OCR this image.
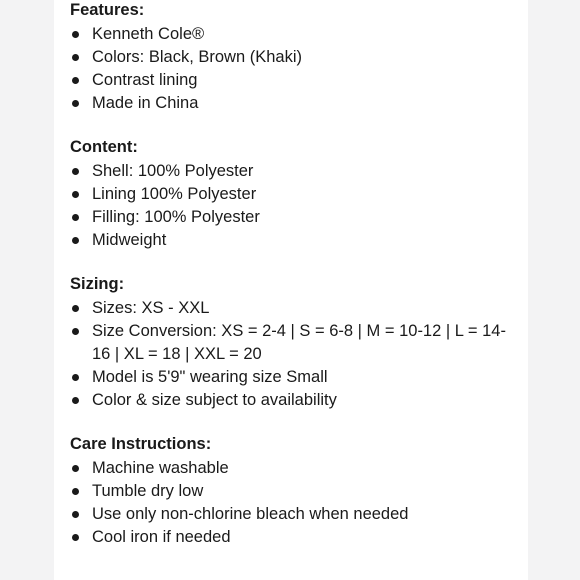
Features:
Kenneth Cole®
Colors: Black, Brown (Khaki)
Contrast lining
Made in China
Content:
Shell: 100% Polyester
Lining 100% Polyester
Filling: 100% Polyester
Midweight
Sizing:
Sizes: XS - XXL
Size Conversion: XS = 2-4 | S = 6-8 | M = 10-12 | L = 14-16 | XL = 18 | XXL = 20
Model is 5'9" wearing size Small
Color & size subject to availability
Care Instructions:
Machine washable
Tumble dry low
Use only non-chlorine bleach when needed
Cool iron if needed
